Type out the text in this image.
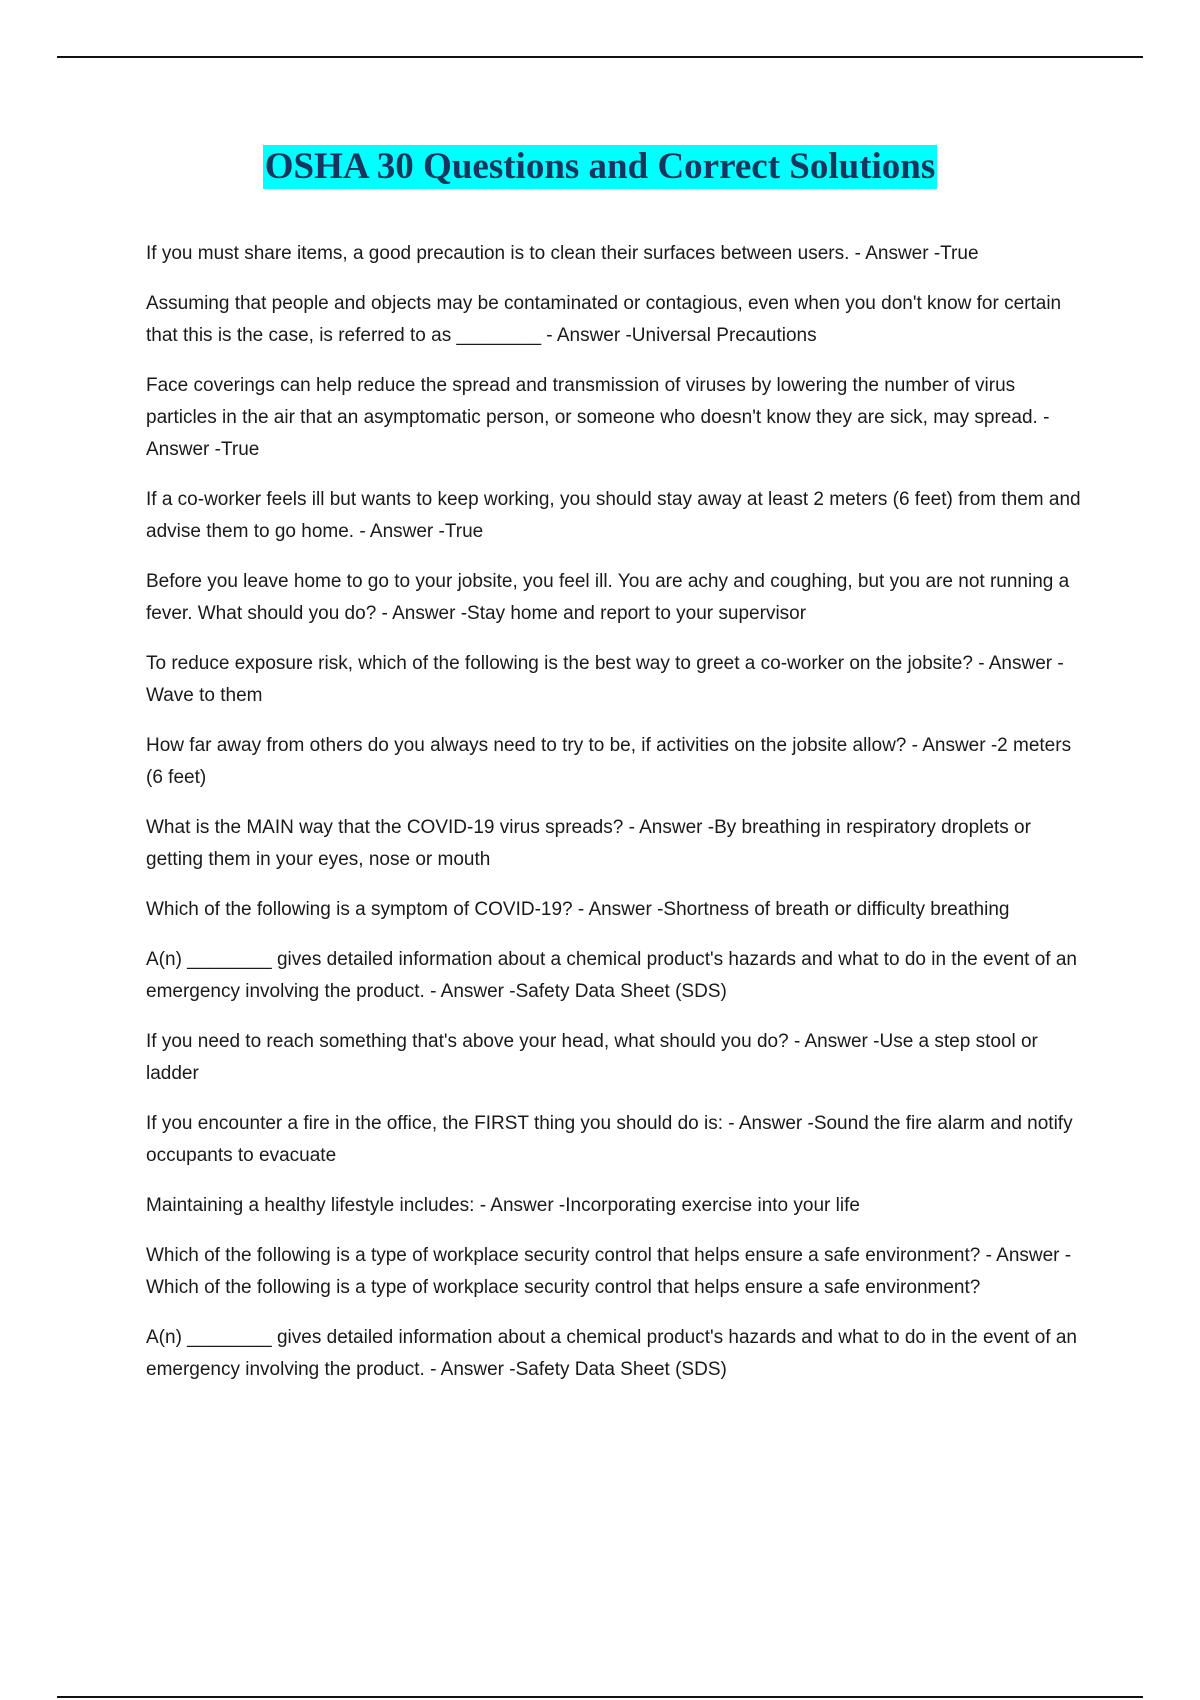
OSHA 30 Questions and Correct Solutions
If you must share items, a good precaution is to clean their surfaces between users. - Answer -True
Assuming that people and objects may be contaminated or contagious, even when you don't know for certain that this is the case, is referred to as ________ - Answer -Universal Precautions
Face coverings can help reduce the spread and transmission of viruses by lowering the number of virus particles in the air that an asymptomatic person, or someone who doesn't know they are sick, may spread. - Answer -True
If a co-worker feels ill but wants to keep working, you should stay away at least 2 meters (6 feet) from them and advise them to go home. - Answer -True
Before you leave home to go to your jobsite, you feel ill. You are achy and coughing, but you are not running a fever. What should you do? - Answer -Stay home and report to your supervisor
To reduce exposure risk, which of the following is the best way to greet a co-worker on the jobsite? - Answer -Wave to them
How far away from others do you always need to try to be, if activities on the jobsite allow? - Answer -2 meters (6 feet)
What is the MAIN way that the COVID-19 virus spreads? - Answer -By breathing in respiratory droplets or getting them in your eyes, nose or mouth
Which of the following is a symptom of COVID-19? - Answer -Shortness of breath or difficulty breathing
A(n) ________ gives detailed information about a chemical product's hazards and what to do in the event of an emergency involving the product. - Answer -Safety Data Sheet (SDS)
If you need to reach something that's above your head, what should you do? - Answer -Use a step stool or ladder
If you encounter a fire in the office, the FIRST thing you should do is: - Answer -Sound the fire alarm and notify occupants to evacuate
Maintaining a healthy lifestyle includes: - Answer -Incorporating exercise into your life
Which of the following is a type of workplace security control that helps ensure a safe environment? - Answer -Which of the following is a type of workplace security control that helps ensure a safe environment?
A(n) ________ gives detailed information about a chemical product's hazards and what to do in the event of an emergency involving the product. - Answer -Safety Data Sheet (SDS)
